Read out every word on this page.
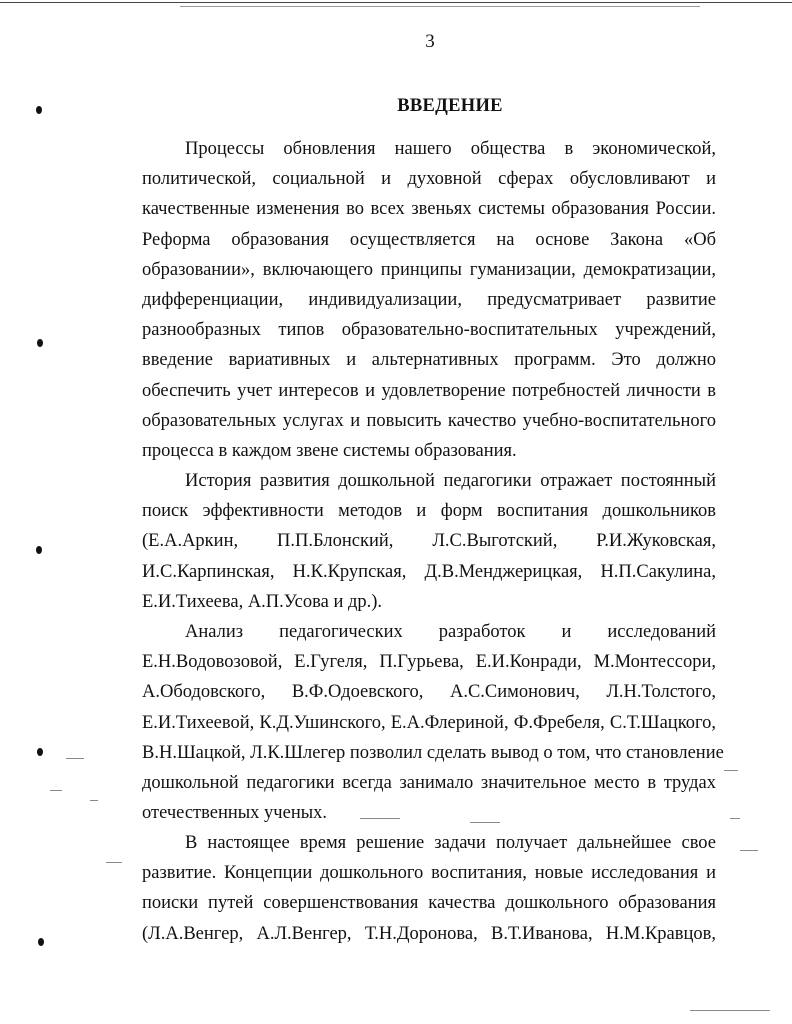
3
ВВЕДЕНИЕ
Процессы обновления нашего общества в экономической,
политической, социальной и духовной сферах обусловливают и
качественные изменения во всех звеньях системы образования России.
Реформа образования осуществляется на основе Закона «Об
образовании», включающего принципы гуманизации, демократизации,
дифференциации, индивидуализации, предусматривает развитие
разнообразных типов образовательно-воспитательных учреждений,
введение вариативных и альтернативных программ. Это должно
обеспечить учет интересов и удовлетворение потребностей личности в
образовательных услугах и повысить качество учебно-воспитательного
процесса в каждом звене системы образования.
История развития дошкольной педагогики отражает постоянный
поиск эффективности методов и форм воспитания дошкольников
(Е.А.Аркин, П.П.Блонский, Л.С.Выготский, Р.И.Жуковская,
И.С.Карпинская, Н.К.Крупская, Д.В.Менджерицкая, Н.П.Сакулина,
Е.И.Тихеева, А.П.Усова и др.).
Анализ педагогических разработок и исследований
Е.Н.Водовозовой, Е.Гугеля, П.Гурьева, Е.И.Конради, М.Монтессори,
А.Ободовского, В.Ф.Одоевского, А.С.Симонович, Л.Н.Толстого,
Е.И.Тихеевой, К.Д.Ушинского, Е.А.Флериной, Ф.Фребеля, С.Т.Шацкого,
В.Н.Шацкой, Л.К.Шлегер позволил сделать вывод о том, что становление
дошкольной педагогики всегда занимало значительное место в трудах
отечественных ученых.
В настоящее время решение задачи получает дальнейшее свое
развитие. Концепции дошкольного воспитания, новые исследования и
поиски путей совершенствования качества дошкольного образования
(Л.А.Венгер, А.Л.Венгер, Т.Н.Доронова, В.Т.Иванова, Н.М.Кравцов,
